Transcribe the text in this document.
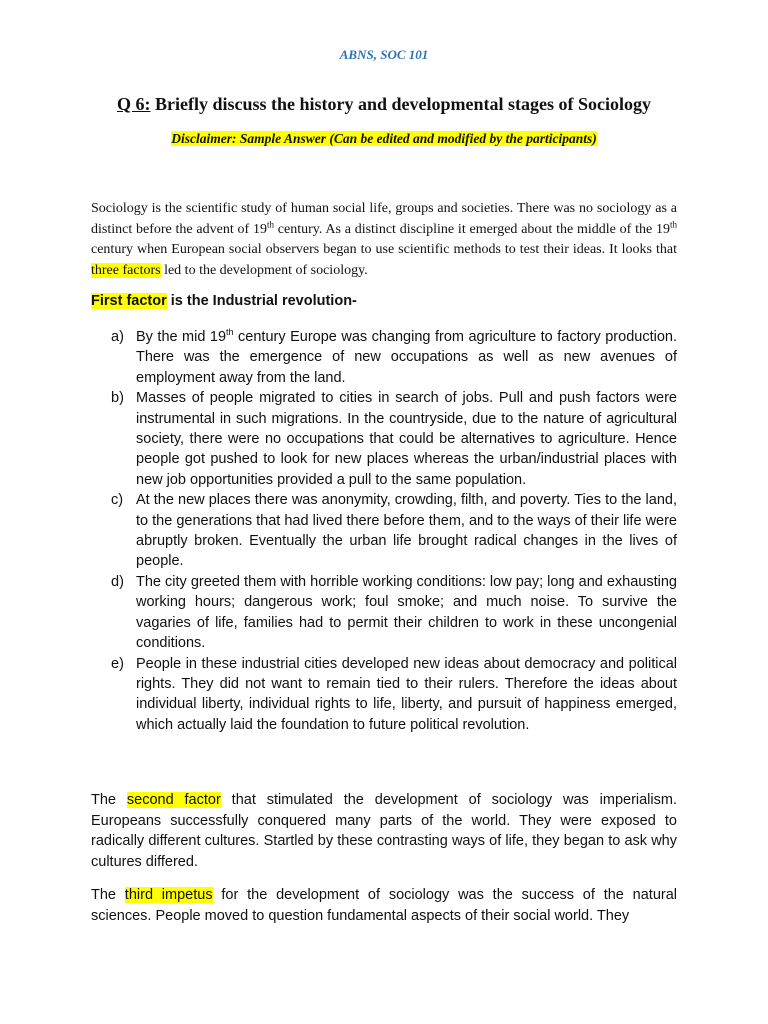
ABNS, SOC 101
Q 6: Briefly discuss the history and developmental stages of Sociology
Disclaimer: Sample Answer (Can be edited and modified by the participants)
Sociology is the scientific study of human social life, groups and societies. There was no sociology as a distinct before the advent of 19th century. As a distinct discipline it emerged about the middle of the 19th century when European social observers began to use scientific methods to test their ideas. It looks that three factors led to the development of sociology.
First factor is the Industrial revolution-
a) By the mid 19th century Europe was changing from agriculture to factory production. There was the emergence of new occupations as well as new avenues of employment away from the land.
b) Masses of people migrated to cities in search of jobs. Pull and push factors were instrumental in such migrations. In the countryside, due to the nature of agricultural society, there were no occupations that could be alternatives to agriculture. Hence people got pushed to look for new places whereas the urban/industrial places with new job opportunities provided a pull to the same population.
c) At the new places there was anonymity, crowding, filth, and poverty. Ties to the land, to the generations that had lived there before them, and to the ways of their life were abruptly broken. Eventually the urban life brought radical changes in the lives of people.
d) The city greeted them with horrible working conditions: low pay; long and exhausting working hours; dangerous work; foul smoke; and much noise. To survive the vagaries of life, families had to permit their children to work in these uncongenial conditions.
e) People in these industrial cities developed new ideas about democracy and political rights. They did not want to remain tied to their rulers. Therefore the ideas about individual liberty, individual rights to life, liberty, and pursuit of happiness emerged, which actually laid the foundation to future political revolution.
The second factor that stimulated the development of sociology was imperialism. Europeans successfully conquered many parts of the world. They were exposed to radically different cultures. Startled by these contrasting ways of life, they began to ask why cultures differed.
The third impetus for the development of sociology was the success of the natural sciences. People moved to question fundamental aspects of their social world. They
